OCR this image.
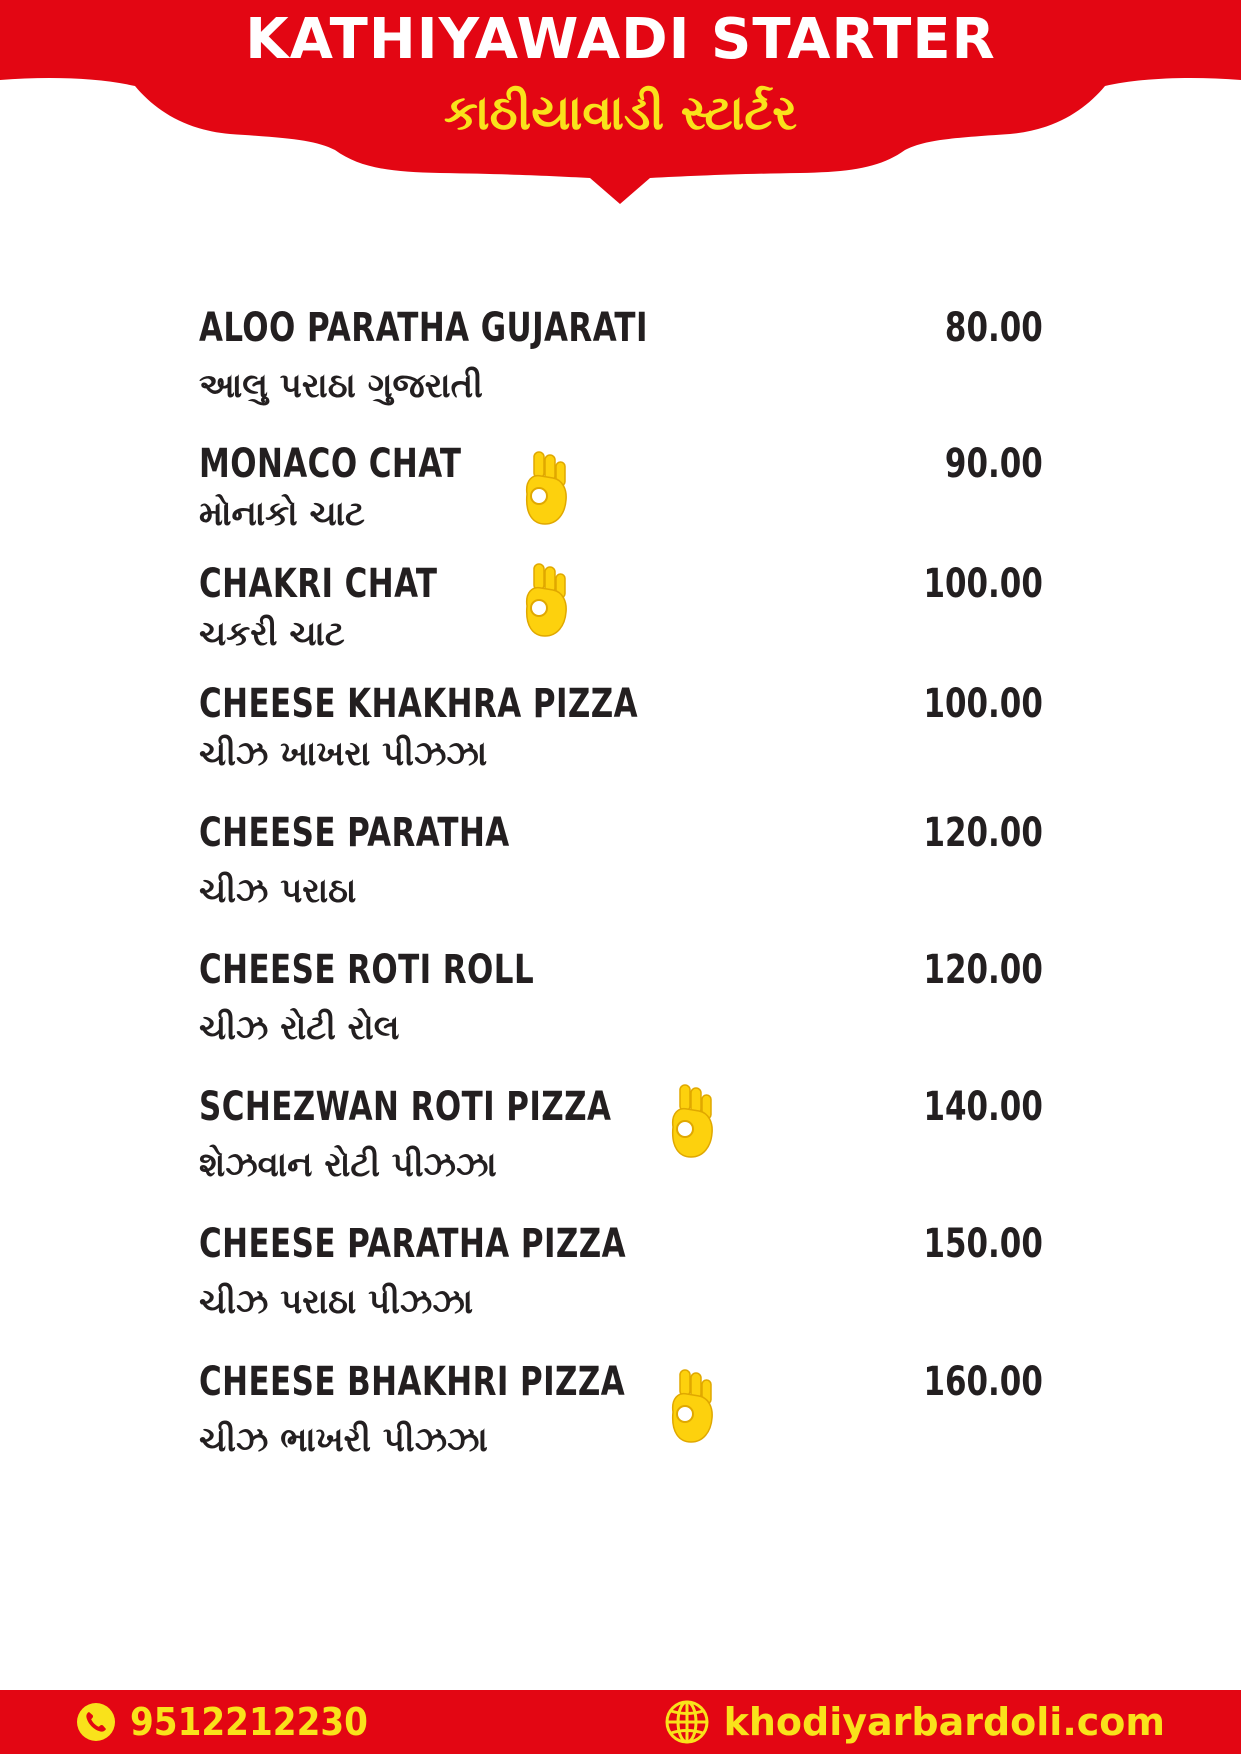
KATHIYAWADI STARTER
કાઠીયાવાડી સ્ટાર્ટર
ALOO PARATHA GUJARATI
આલુ પરાઠા ગુજરાતી
80.00
MONACO CHAT
મોનાકો ચાટ
90.00
CHAKRI CHAT
ચકરી ચાટ
100.00
CHEESE KHAKHRA PIZZA
ચીઝ ખાખરા પીઝઝા
100.00
CHEESE PARATHA
ચીઝ પરાઠા
120.00
CHEESE ROTI ROLL
ચીઝ રોટી રોલ
120.00
SCHEZWAN ROTI PIZZA
શેઝવાન રોટી પીઝઝા
140.00
CHEESE PARATHA PIZZA
ચીઝ પરાઠા પીઝઝા
150.00
CHEESE BHAKHRI PIZZA
ચીઝ ભાખરી પીઝઝા
160.00
9512212230	khodiyarbardoli.com
